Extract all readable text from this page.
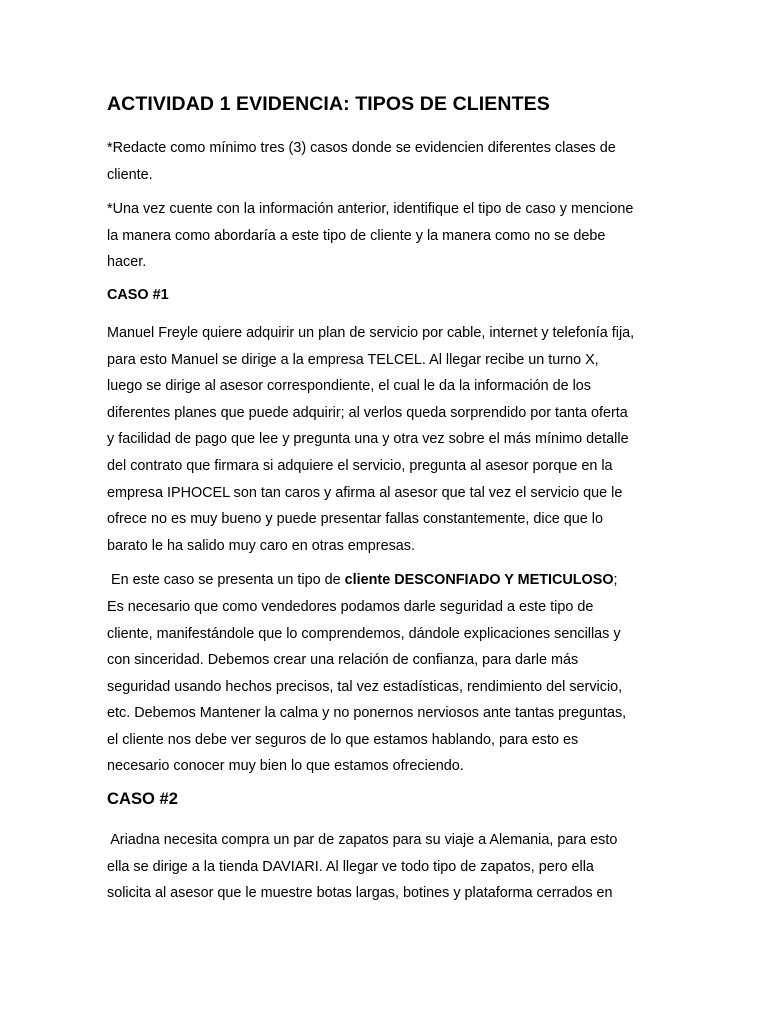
ACTIVIDAD 1 EVIDENCIA: TIPOS DE CLIENTES

*Redacte como mínimo tres (3) casos donde se evidencien diferentes clases de
cliente.

*Una vez cuente con la información anterior, identifique el tipo de caso y mencione
la manera como abordaría a este tipo de cliente y la manera como no se debe
hacer.

CASO #1

Manuel Freyle quiere adquirir un plan de servicio por cable, internet y telefonía fija,
para esto Manuel se dirige a la empresa TELCEL. Al llegar recibe un turno X,
luego se dirige al asesor correspondiente, el cual le da la información de los
diferentes planes que puede adquirir; al verlos queda sorprendido por tanta oferta
y facilidad de pago que lee y pregunta una y otra vez sobre el más mínimo detalle
del contrato que firmara si adquiere el servicio, pregunta al asesor porque en la
empresa IPHOCEL son tan caros y afirma al asesor que tal vez el servicio que le
ofrece no es muy bueno y puede presentar fallas constantemente, dice que lo
barato le ha salido muy caro en otras empresas.

En este caso se presenta un tipo de cliente DESCONFIADO Y METICULOSO;
Es necesario que como vendedores podamos darle seguridad a este tipo de
cliente, manifestándole que lo comprendemos, dándole explicaciones sencillas y
con sinceridad. Debemos crear una relación de confianza, para darle más
seguridad usando hechos precisos, tal vez estadísticas, rendimiento del servicio,
etc. Debemos Mantener la calma y no ponernos nerviosos ante tantas preguntas,
el cliente nos debe ver seguros de lo que estamos hablando, para esto es
necesario conocer muy bien lo que estamos ofreciendo.

CASO #2

Ariadna necesita compra un par de zapatos para su viaje a Alemania, para esto
ella se dirige a la tienda DAVIARI. Al llegar ve todo tipo de zapatos, pero ella
solicita al asesor que le muestre botas largas, botines y plataforma cerrados en
